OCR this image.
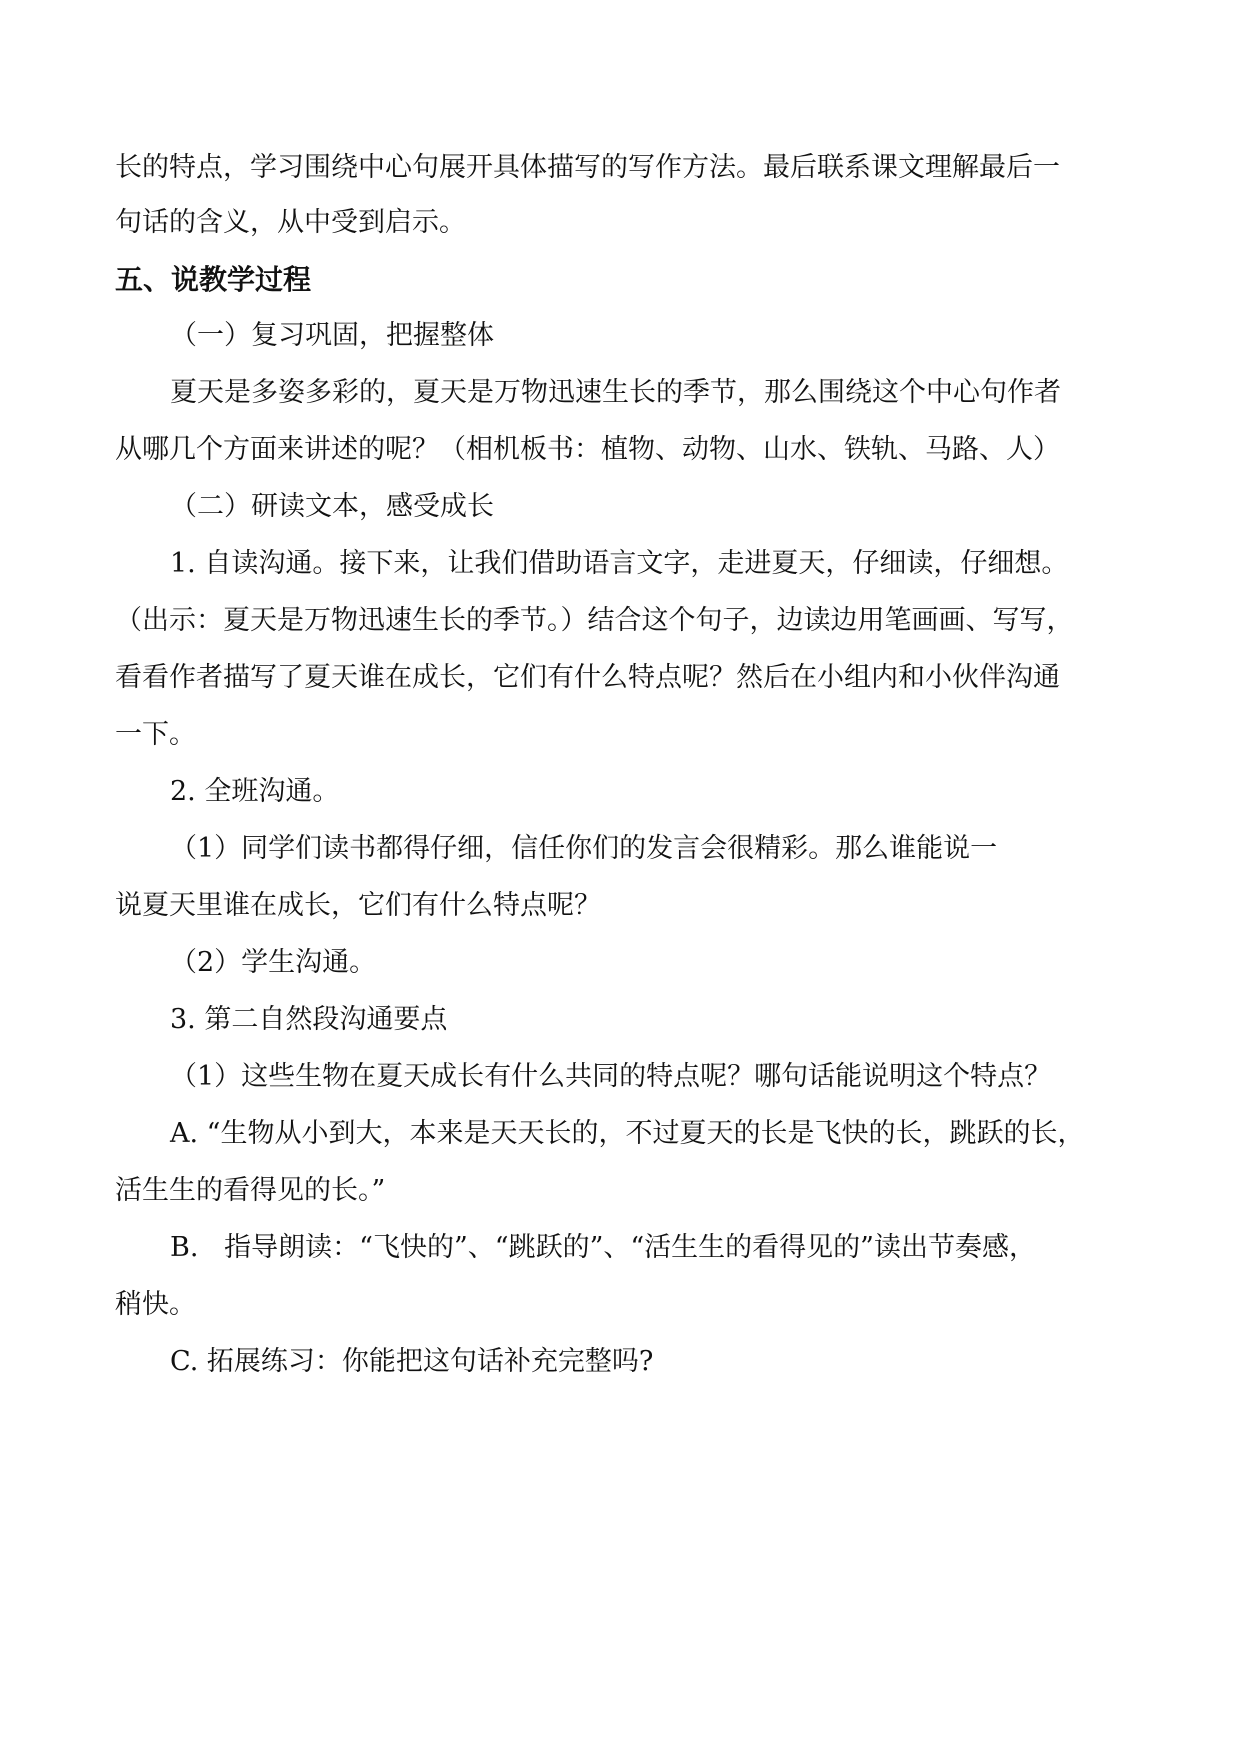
长的特点，学习围绕中心句展开具体描写的写作方法。最后联系课文理解最后一
句话的含义，从中受到启示。
五、说教学过程
（一）复习巩固，把握整体
夏天是多姿多彩的，夏天是万物迅速生长的季节，那么围绕这个中心句作者
从哪几个方面来讲述的呢？（相机板书：植物、动物、山水、铁轨、马路、人）
（二）研读文本，感受成长
1. 自读沟通。接下来，让我们借助语言文字，走进夏天，仔细读，仔细想。
（出示：夏天是万物迅速生长的季节。）结合这个句子，边读边用笔画画、写写，
看看作者描写了夏天谁在成长，它们有什么特点呢？然后在小组内和小伙伴沟通
一下。
2. 全班沟通。
（1）同学们读书都得仔细，信任你们的发言会很精彩。那么谁能说一
说夏天里谁在成长，它们有什么特点呢？
（2）学生沟通。
3. 第二自然段沟通要点
（1）这些生物在夏天成长有什么共同的特点呢？哪句话能说明这个特点？
A. “生物从小到大，本来是天天长的，不过夏天的长是飞快的长，跳跃的长，
活生生的看得见的长。”
B.   指导朗读：“飞快的”、“跳跃的”、“活生生的看得见的”读出节奏感，
稍快。
C. 拓展练习：你能把这句话补充完整吗?
